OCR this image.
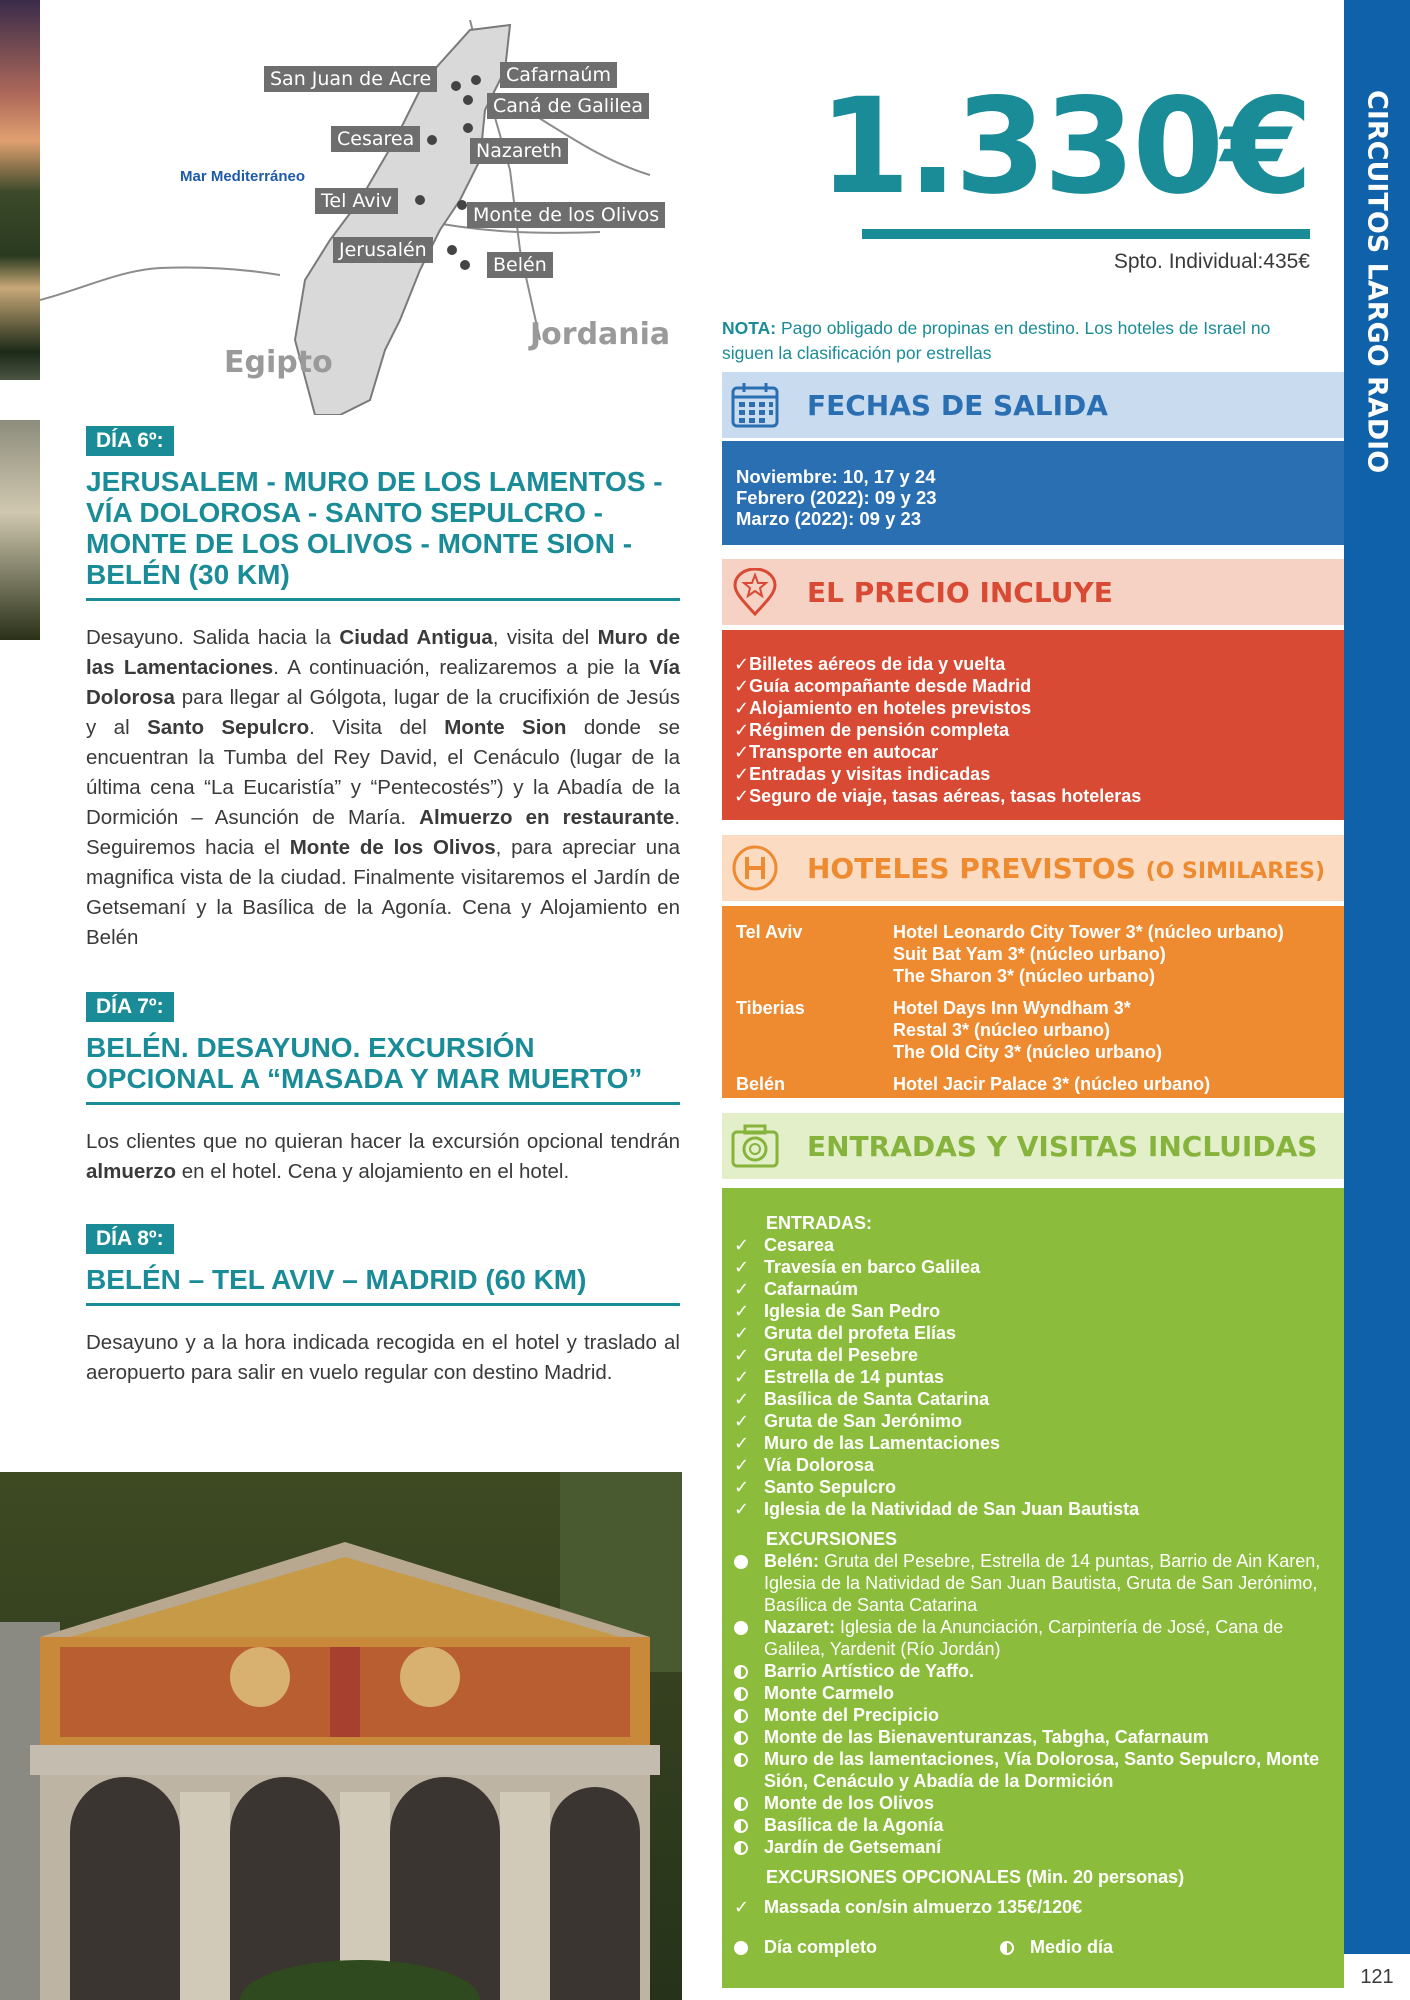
Mar Mediterráneo
Egipto
Jordania
San Juan de Acre	Cafarnaúm
Caná de Galilea
Cesarea
Nazareth
Tel Aviv
Monte de los Olivos
Jerusalén
Belén
DÍA 6º:
JERUSALEM - MURO DE LOS LAMENTOS - VÍA DOLOROSA - SANTO SEPULCRO - MONTE DE LOS OLIVOS - MONTE SION - BELÉN (30 KM)
Desayuno. Salida hacia la Ciudad Antigua, visita del Muro de las Lamentaciones. A continuación, realizaremos a pie la Vía Dolorosa para llegar al Gólgota, lugar de la crucifixión de Jesús y al Santo Sepulcro. Visita del Monte Sion donde se encuentran la Tumba del Rey David, el Cenáculo (lugar de la última cena “La Eucaristía” y “Pentecostés”) y la Abadía de la Dormición – Asunción de María. Almuerzo en restaurante. Seguiremos hacia el Monte de los Olivos, para apreciar una magnifica vista de la ciudad. Finalmente visitaremos el Jardín de Getsemaní y la Basílica de la Agonía. Cena y Alojamiento en Belén
DÍA 7º:
BELÉN. DESAYUNO. EXCURSIÓN OPCIONAL A “MASADA Y MAR MUERTO”
Los clientes que no quieran hacer la excursión opcional tendrán almuerzo en el hotel. Cena y alojamiento en el hotel.
DÍA 8º:
BELÉN – TEL AVIV – MADRID (60 KM)
Desayuno y a la hora indicada recogida en el hotel y traslado al aeropuerto para salir en vuelo regular con destino Madrid.
1.330€
Spto. Individual:435€
NOTA: Pago obligado de propinas en destino. Los hoteles de Israel no siguen la clasificación por estrellas
FECHAS DE SALIDA
Noviembre: 10, 17 y 24
Febrero (2022): 09 y 23
Marzo (2022): 09 y 23
EL PRECIO INCLUYE
✓Billetes aéreos de ida y vuelta
✓Guía acompañante desde Madrid
✓Alojamiento en hoteles previstos
✓Régimen de pensión completa
✓Transporte en autocar
✓Entradas y visitas indicadas
✓Seguro de viaje, tasas aéreas, tasas hoteleras
HOTELES PREVISTOS (O SIMILARES)
Tel Aviv	Hotel Leonardo City Tower 3* (núcleo urbano)
Suit Bat Yam 3* (núcleo urbano)
The Sharon 3* (núcleo urbano)
Tiberias	Hotel Days Inn Wyndham 3*
Restal 3* (núcleo urbano)
The Old City 3* (núcleo urbano)
Belén	Hotel Jacir Palace 3* (núcleo urbano)
ENTRADAS Y VISITAS INCLUIDAS
ENTRADAS:
✓ Cesarea
✓ Travesía en barco Galilea
✓ Cafarnaúm
✓ Iglesia de San Pedro
✓ Gruta del profeta Elías
✓ Gruta del Pesebre
✓ Estrella de 14 puntas
✓ Basílica de Santa Catarina
✓ Gruta de San Jerónimo
✓ Muro de las Lamentaciones
✓ Vía Dolorosa
✓ Santo Sepulcro
✓ Iglesia de la Natividad de San Juan Bautista
EXCURSIONES
Belén: Gruta del Pesebre, Estrella de 14 puntas, Barrio de Ain Karen, Iglesia de la Natividad de San Juan Bautista, Gruta de San Jerónimo, Basílica de Santa Catarina
Nazaret: Iglesia de la Anunciación, Carpintería de José, Cana de Galilea, Yardenit (Río Jordán)
Barrio Artístico de Yaffo.
Monte Carmelo
Monte del Precipicio
Monte de las Bienaventuranzas, Tabgha, Cafarnaum
Muro de las lamentaciones, Vía Dolorosa, Santo Sepulcro, Monte Sión, Cenáculo y Abadía de la Dormición
Monte de los Olivos
Basílica de la Agonía
Jardín de Getsemaní
EXCURSIONES OPCIONALES (Min. 20 personas)
✓ Massada con/sin almuerzo 135€/120€
Día completo	Medio día
CIRCUITOS LARGO RADIO
121
